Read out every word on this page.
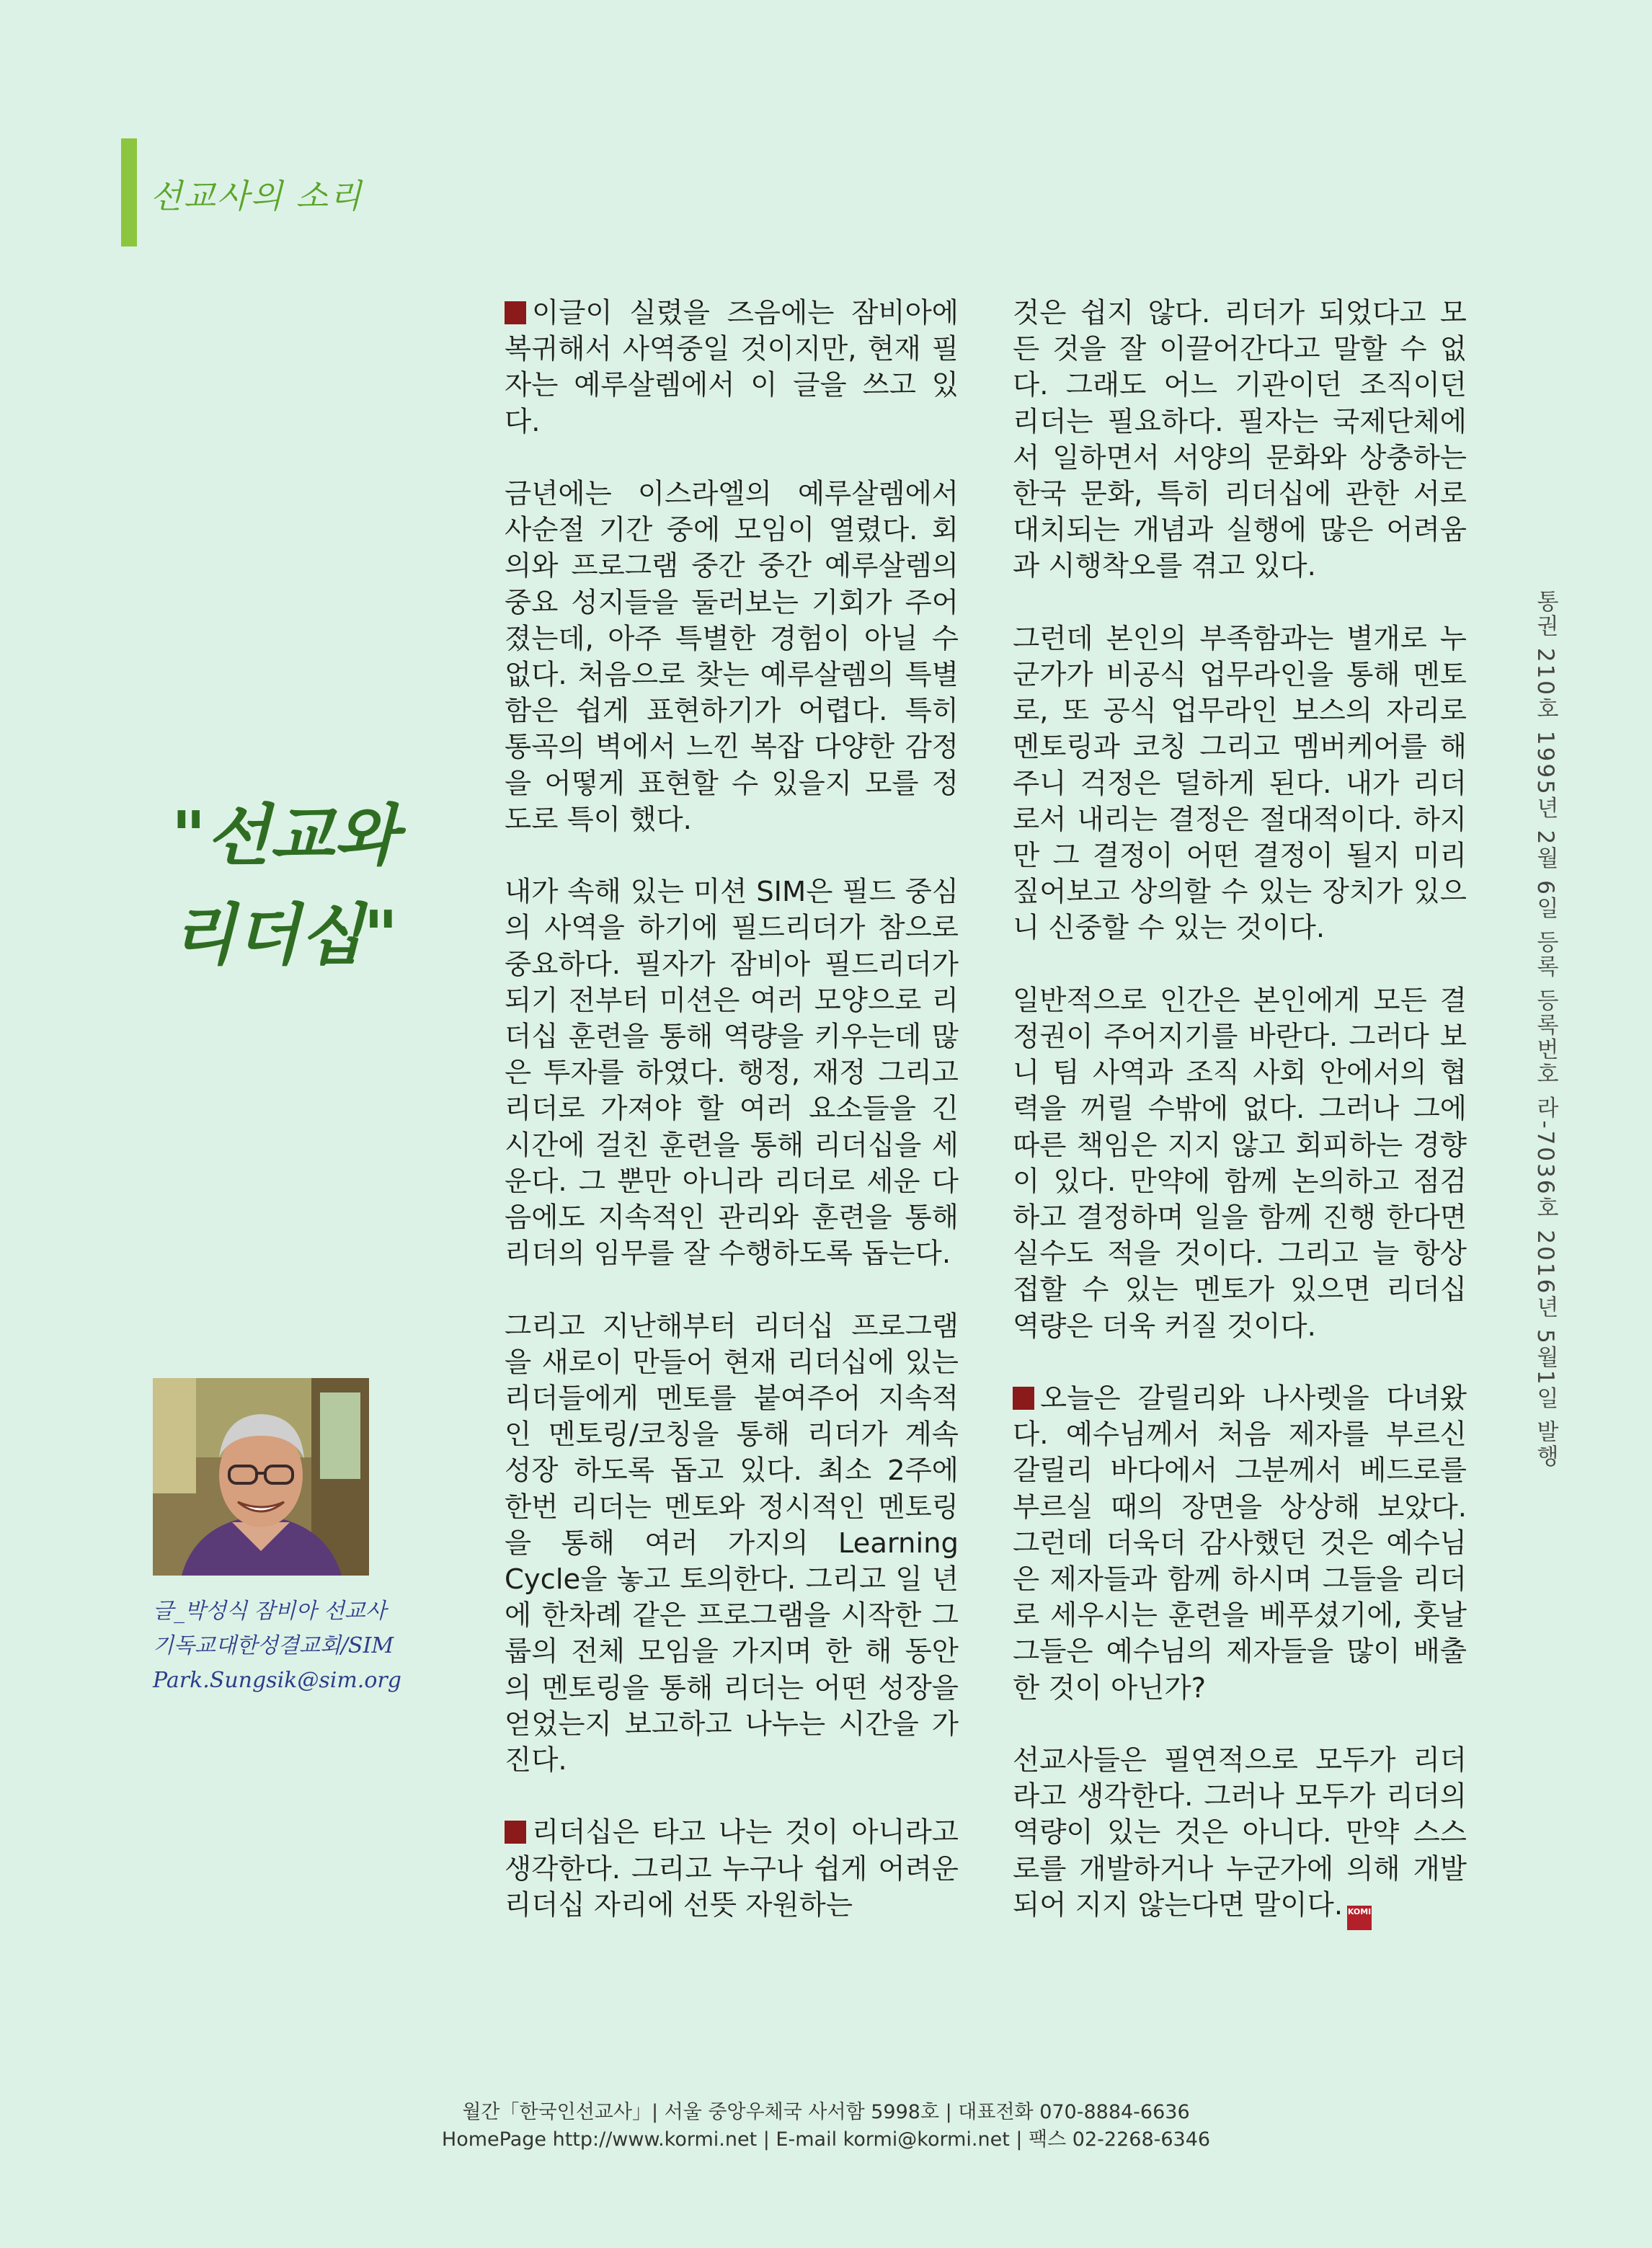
선교사의 소리
"선교와
리더십"
글_박성식 잠비아 선교사
기독교대한성결교회/SIM
Park.Sungsik@sim.org

이글이 실렸을 즈음에는 잠비아에 복귀해서 사역중일 것이지만, 현재 필자는 예루살렘에서 이 글을 쓰고 있다.

금년에는 이스라엘의 예루살렘에서 사순절 기간 중에 모임이 열렸다. 회의와 프로그램 중간 중간 예루살렘의 중요 성지들을 둘러보는 기회가 주어졌는데, 아주 특별한 경험이 아닐 수 없다. 처음으로 찾는 예루살렘의 특별함은 쉽게 표현하기가 어렵다. 특히 통곡의 벽에서 느낀 복잡 다양한 감정을 어떻게 표현할 수 있을지 모를 정도로 특이 했다.

내가 속해 있는 미션 SIM은 필드 중심의 사역을 하기에 필드리더가 참으로 중요하다. 필자가 잠비아 필드리더가 되기 전부터 미션은 여러 모양으로 리더십 훈련을 통해 역량을 키우는데 많은 투자를 하였다. 행정, 재정 그리고 리더로 가져야 할 여러 요소들을 긴 시간에 걸친 훈련을 통해 리더십을 세운다. 그 뿐만 아니라 리더로 세운 다음에도 지속적인 관리와 훈련을 통해 리더의 임무를 잘 수행하도록 돕는다.

그리고 지난해부터 리더십 프로그램을 새로이 만들어 현재 리더십에 있는 리더들에게 멘토를 붙여주어 지속적인 멘토링/코칭을 통해 리더가 계속 성장 하도록 돕고 있다. 최소 2주에 한번 리더는 멘토와 정시적인 멘토링을 통해 여러 가지의 Learning Cycle을 놓고 토의한다. 그리고 일 년에 한차례 같은 프로그램을 시작한 그룹의 전체 모임을 가지며 한 해 동안의 멘토링을 통해 리더는 어떤 성장을 얻었는지 보고하고 나누는 시간을 가진다.

리더십은 타고 나는 것이 아니라고 생각한다. 그리고 누구나 쉽게 어려운 리더십 자리에 선뜻 자원하는

것은 쉽지 않다. 리더가 되었다고 모든 것을 잘 이끌어간다고 말할 수 없다. 그래도 어느 기관이던 조직이던 리더는 필요하다. 필자는 국제단체에서 일하면서 서양의 문화와 상충하는 한국 문화, 특히 리더십에 관한 서로 대치되는 개념과 실행에 많은 어려움과 시행착오를 겪고 있다.

그런데 본인의 부족함과는 별개로 누군가가 비공식 업무라인을 통해 멘토로, 또 공식 업무라인 보스의 자리로 멘토링과 코칭 그리고 멤버케어를 해주니 걱정은 덜하게 된다. 내가 리더로서 내리는 결정은 절대적이다. 하지만 그 결정이 어떤 결정이 될지 미리 짚어보고 상의할 수 있는 장치가 있으니 신중할 수 있는 것이다.

일반적으로 인간은 본인에게 모든 결정권이 주어지기를 바란다. 그러다 보니 팀 사역과 조직 사회 안에서의 협력을 꺼릴 수밖에 없다. 그러나 그에 따른 책임은 지지 않고 회피하는 경향이 있다. 만약에 함께 논의하고 점검하고 결정하며 일을 함께 진행 한다면 실수도 적을 것이다. 그리고 늘 항상 접할 수 있는 멘토가 있으면 리더십 역량은 더욱 커질 것이다.

오늘은 갈릴리와 나사렛을 다녀왔다. 예수님께서 처음 제자를 부르신 갈릴리 바다에서 그분께서 베드로를 부르실 때의 장면을 상상해 보았다. 그런데 더욱더 감사했던 것은 예수님은 제자들과 함께 하시며 그들을 리더로 세우시는 훈련을 베푸셨기에, 훗날 그들은 예수님의 제자들을 많이 배출한 것이 아닌가?

선교사들은 필연적으로 모두가 리더라고 생각한다. 그러나 모두가 리더의 역량이 있는 것은 아니다. 만약 스스로를 개발하거나 누군가에 의해 개발되어 지지 않는다면 말이다. KOMI

통권 210호 1995년 2월 6일 등록 등록번호 라-7036호 2016년 5월1일 발행
월간「한국인선교사」| 서울 중앙우체국 사서함 5998호 | 대표전화 070-8884-6636
HomePage http://www.kormi.net | E-mail kormi@kormi.net | 팩스 02-2268-6346
